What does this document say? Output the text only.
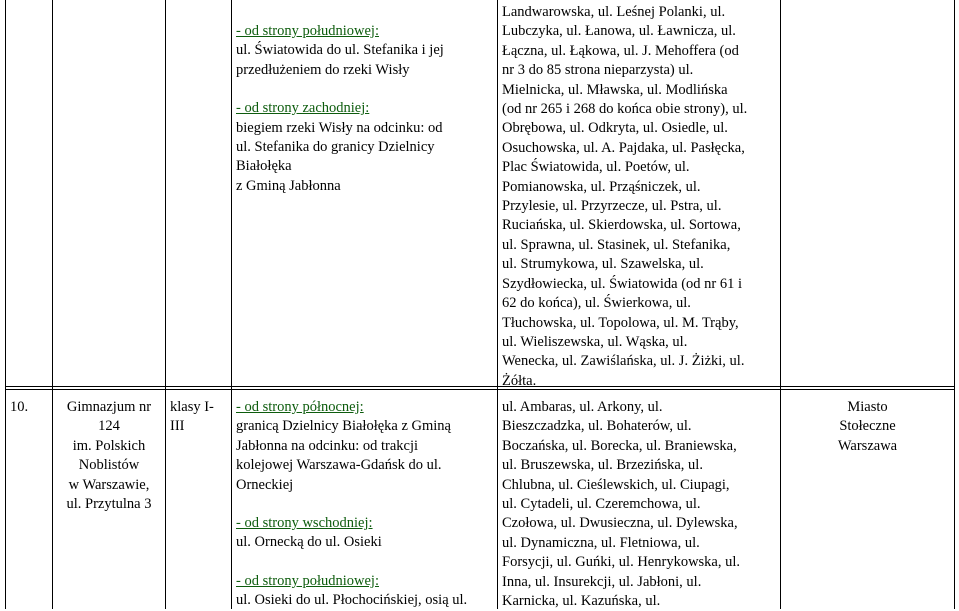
- od strony południowej:
ul. Światowida do ul. Stefanika i jej
przedłużeniem do rzeki Wisły
- od strony zachodniej:
biegiem rzeki Wisły na odcinku: od
ul. Stefanika do granicy Dzielnicy
Białołęka
z Gminą Jabłonna
Landwarowska, ul. Leśnej Polanki, ul.
Lubczyka, ul. Łanowa, ul. Ławnicza, ul.
Łączna, ul. Łąkowa, ul. J. Mehoffera (od
nr 3 do 85 strona nieparzysta) ul.
Mielnicka, ul. Mławska, ul. Modlińska
(od nr 265 i 268 do końca obie strony), ul.
Obrębowa, ul. Odkryta, ul. Osiedle, ul.
Osuchowska, ul. A. Pajdaka, ul. Pasłęcka,
Plac Światowida, ul. Poetów, ul.
Pomianowska, ul. Prząśniczek, ul.
Przylesie, ul. Przyrzecze, ul. Pstra, ul.
Ruciańska, ul. Skierdowska, ul. Sortowa,
ul. Sprawna, ul. Stasinek, ul. Stefanika,
ul. Strumykowa, ul. Szawelska, ul.
Szydłowiecka, ul. Światowida (od nr 61 i
62 do końca), ul. Świerkowa, ul.
Tłuchowska, ul. Topolowa, ul. M. Trąby,
ul. Wieliszewska, ul. Wąska, ul.
Wenecka, ul. Zawiślańska, ul. J. Żiżki, ul.
Żółta.
10.	Gimnazjum nr
124
im. Polskich
Noblistów
w Warszawie,
ul. Przytulna 3
klasy I-
III
- od strony północnej:
granicą Dzielnicy Białołęka z Gminą
Jabłonna na odcinku: od trakcji
kolejowej Warszawa-Gdańsk do ul.
Orneckiej
- od strony wschodniej:
ul. Ornecką do ul. Osieki
- od strony południowej:
ul. Osieki do ul. Płochocińskiej, osią ul.
ul. Ambaras, ul. Arkony, ul.
Bieszczadzka, ul. Bohaterów, ul.
Boczańska, ul. Borecka, ul. Braniewska,
ul. Bruszewska, ul. Brzezińska, ul.
Chlubna, ul. Cieślewskich, ul. Ciupagi,
ul. Cytadeli, ul. Czeremchowa, ul.
Czołowa, ul. Dwusieczna, ul. Dylewska,
ul. Dynamiczna, ul. Fletniowa, ul.
Forsycji, ul. Guńki, ul. Henrykowska, ul.
Inna, ul. Insurekcji, ul. Jabłoni, ul.
Karnicka, ul. Kazuńska, ul.
Miasto
Stołeczne
Warszawa
